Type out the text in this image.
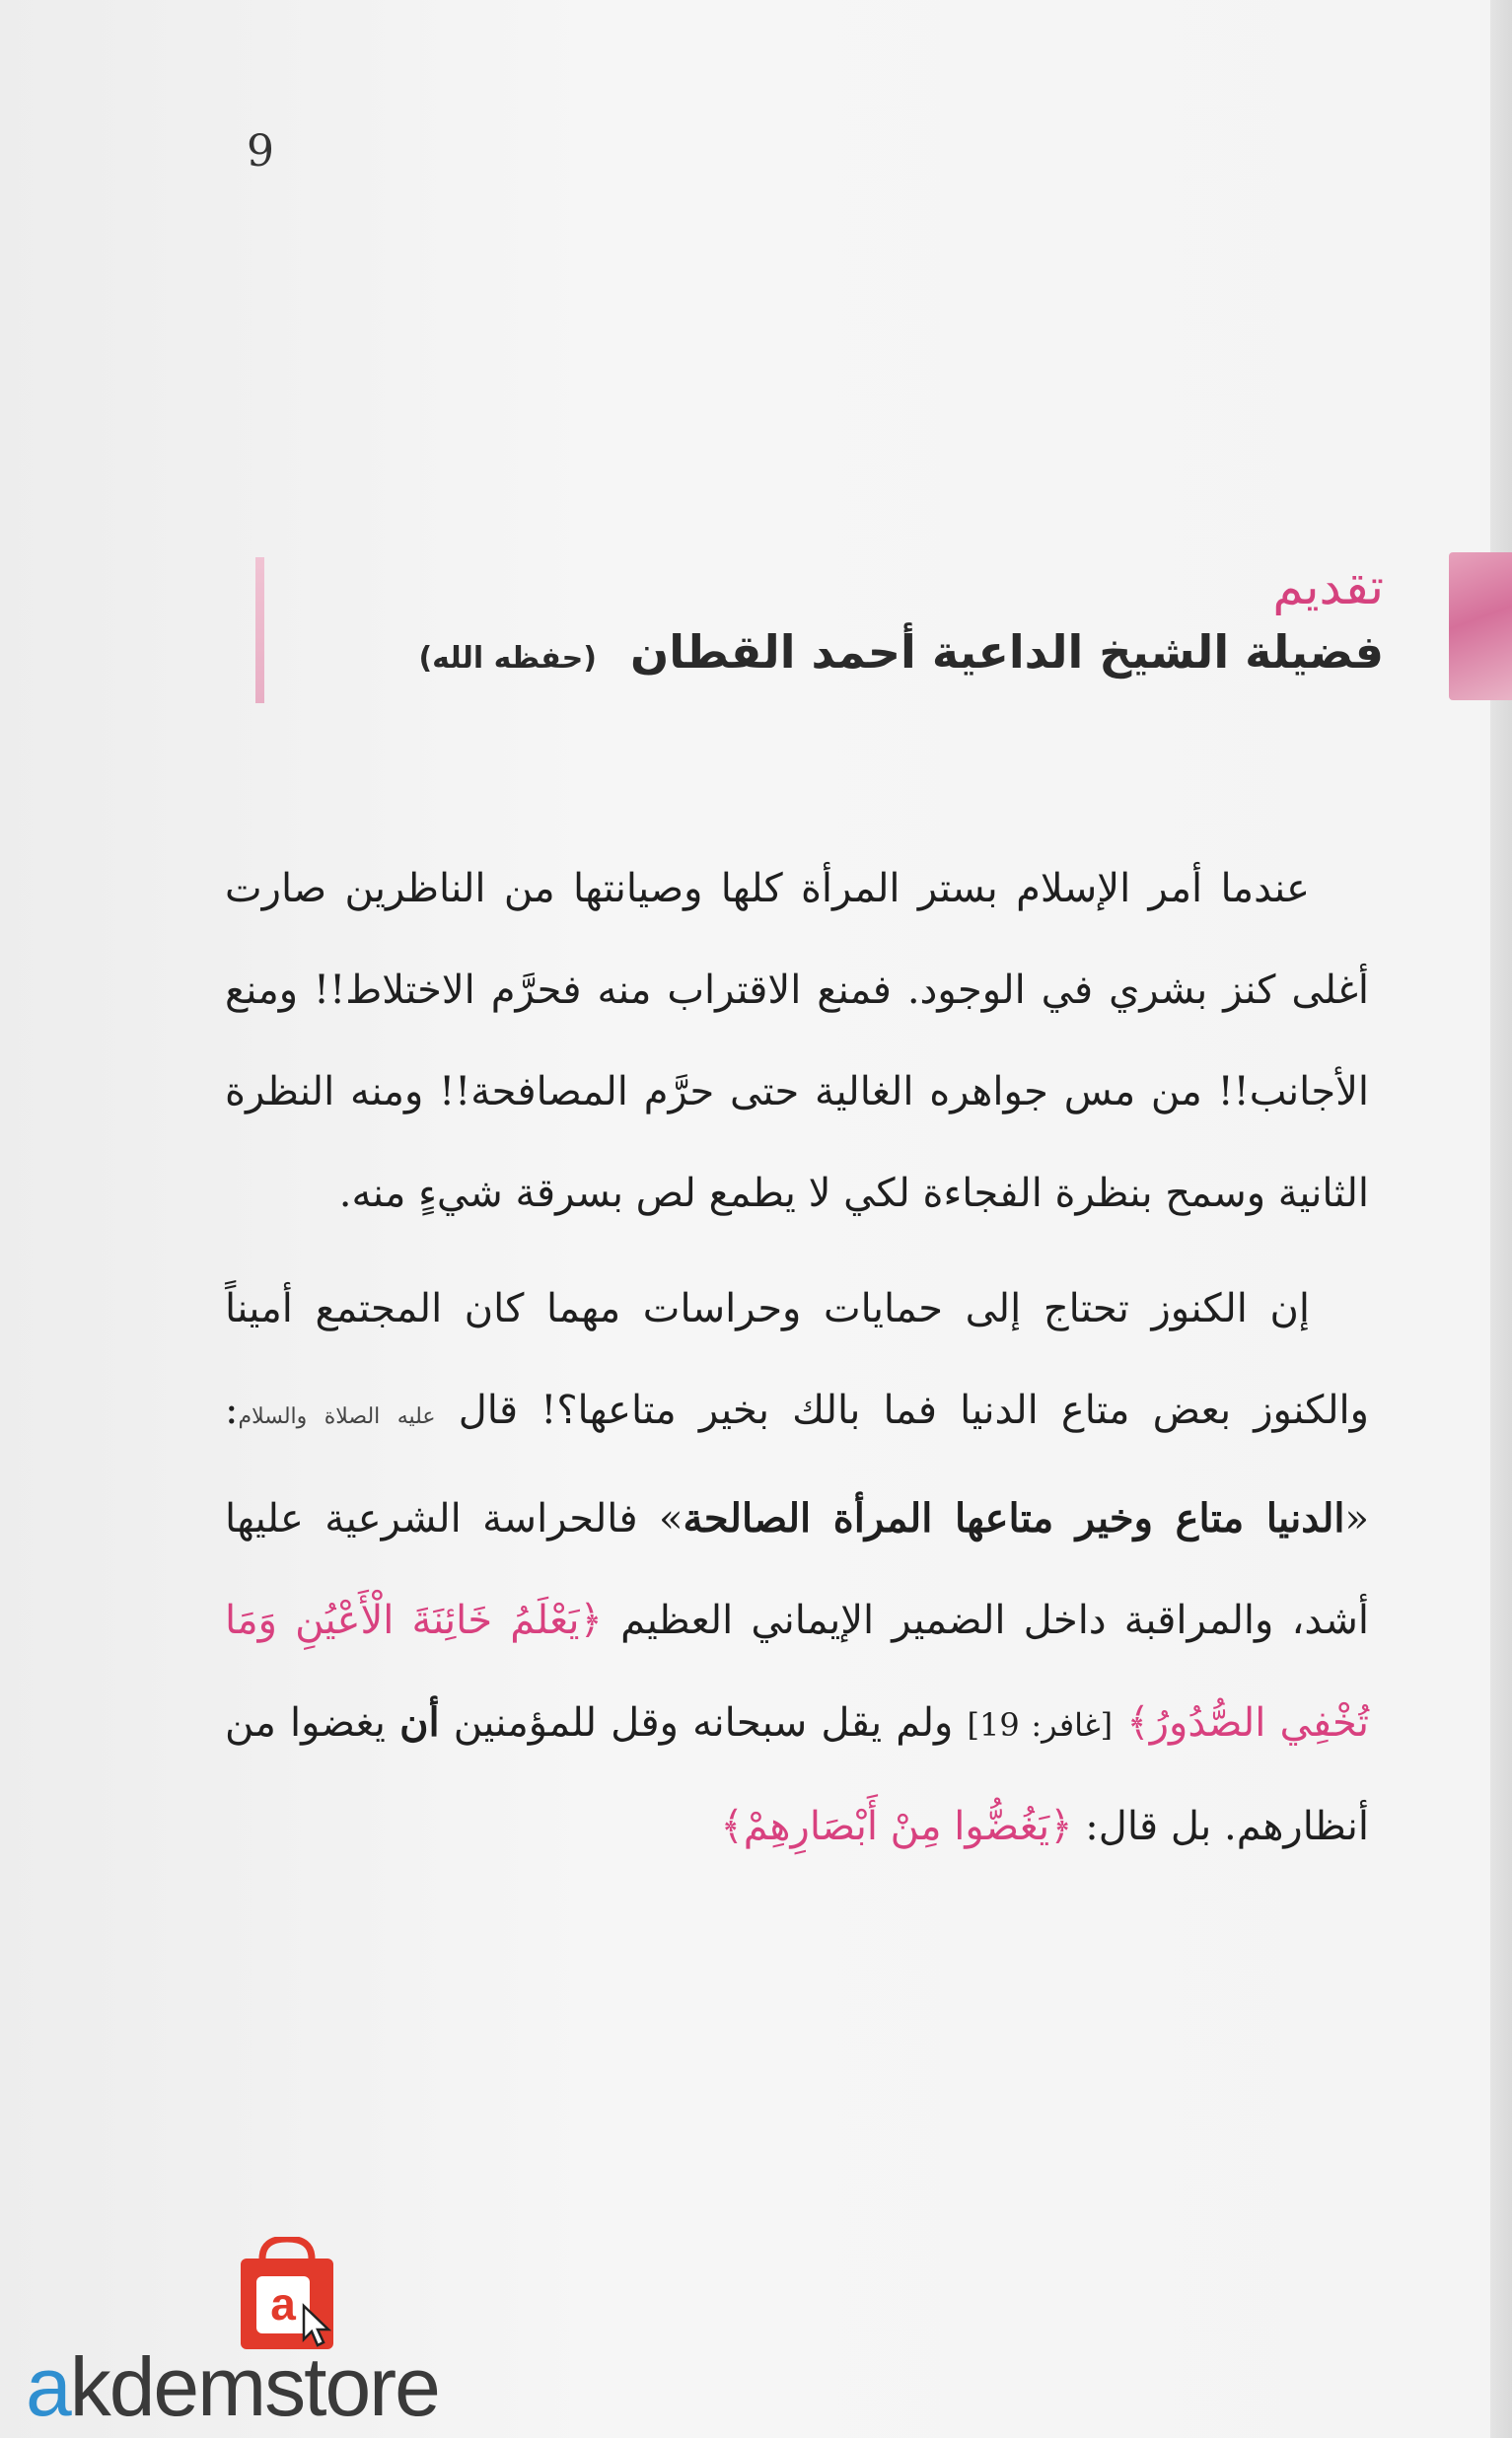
9
تقديم
فضيلة الشيخ الداعية أحمد القطان (حفظه الله)

عندما أمر الإسلام بستر المرأة كلها وصيانتها من الناظرين صارت أغلى كنز بشري في الوجود. فمنع الاقتراب منه فحرَّم الاختلاط!! ومنع الأجانب!! من مس جواهره الغالية حتى حرَّم المصافحة!! ومنه النظرة الثانية وسمح بنظرة الفجاءة لكي لا يطمع لص بسرقة شيءٍ منه.

إن الكنوز تحتاج إلى حمايات وحراسات مهما كان المجتمع أميناً والكنوز بعض متاع الدنيا فما بالك بخير متاعها؟! قال عليه الصلاة والسلام: «الدنيا متاع وخير متاعها المرأة الصالحة» فالحراسة الشرعية عليها أشد، والمراقبة داخل الضمير الإيماني العظيم ﴿يَعْلَمُ خَائِنَةَ الْأَعْيُنِ وَمَا تُخْفِي الصُّدُورُ﴾ [غافر: 19] ولم يقل سبحانه وقل للمؤمنين أن يغضوا من أنظارهم. بل قال: ﴿يَغُضُّوا مِنْ أَبْصَارِهِمْ﴾

a
akdemstore
